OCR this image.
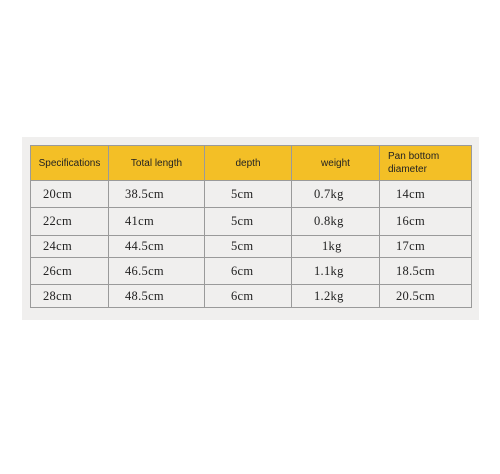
Specifications	Total length	depth	weight	Pan bottom diameter
20cm	38.5cm	5cm	0.7kg	14cm
22cm	41cm	5cm	0.8kg	16cm
24cm	44.5cm	5cm	1kg	17cm
26cm	46.5cm	6cm	1.1kg	18.5cm
28cm	48.5cm	6cm	1.2kg	20.5cm
